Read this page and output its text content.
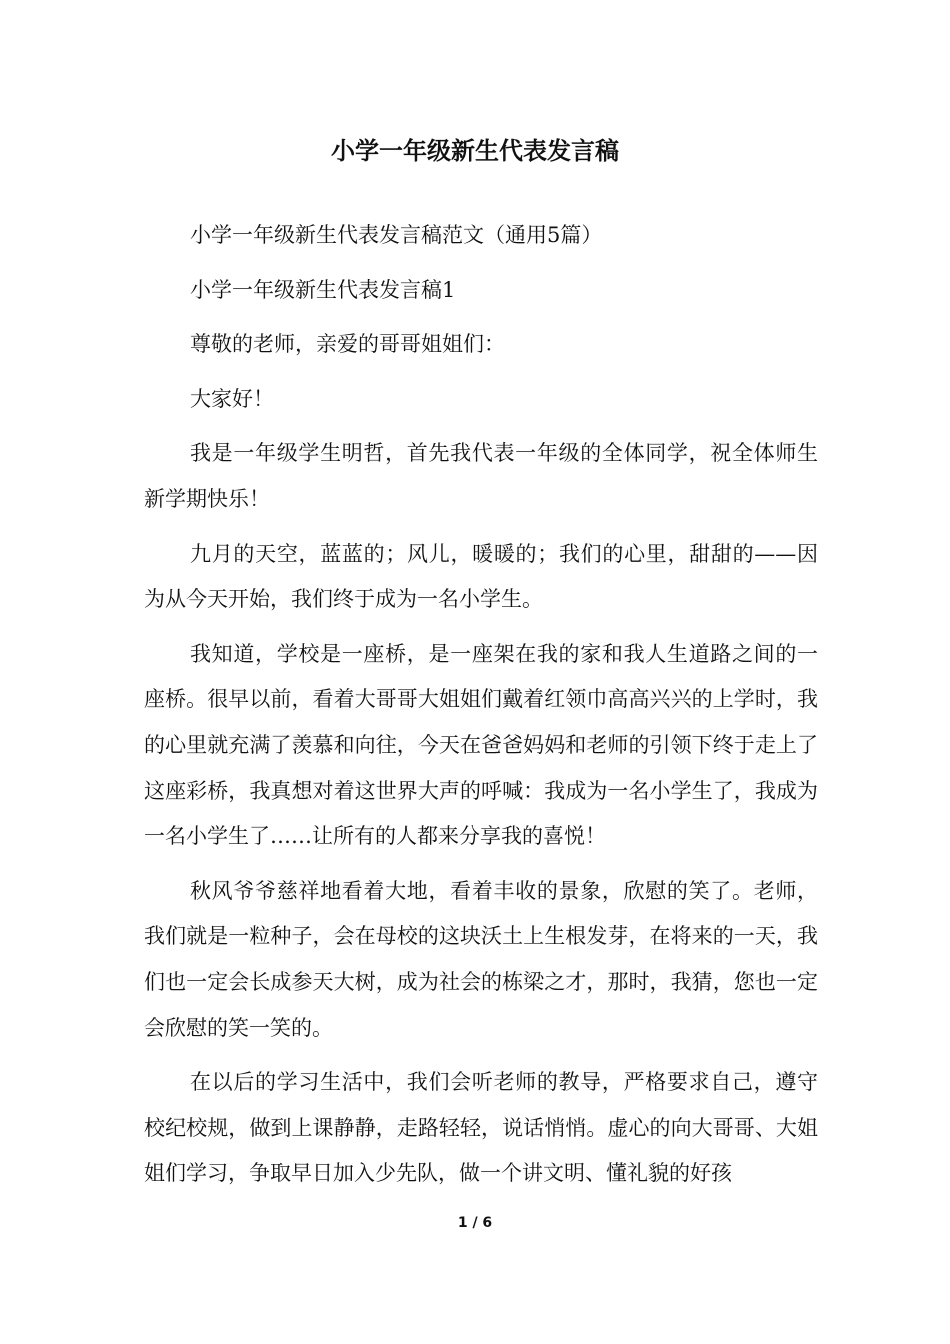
小学一年级新生代表发言稿

小学一年级新生代表发言稿范文（通用5篇）

小学一年级新生代表发言稿1

尊敬的老师，亲爱的哥哥姐姐们：

大家好！

我是一年级学生明哲，首先我代表一年级的全体同学，祝全体师生新学期快乐！

九月的天空，蓝蓝的；风儿，暖暖的；我们的心里，甜甜的——因为从今天开始，我们终于成为一名小学生。

我知道，学校是一座桥，是一座架在我的家和我人生道路之间的一座桥。很早以前，看着大哥哥大姐姐们戴着红领巾高高兴兴的上学时，我的心里就充满了羡慕和向往，今天在爸爸妈妈和老师的引领下终于走上了这座彩桥，我真想对着这世界大声的呼喊：我成为一名小学生了，我成为一名小学生了……让所有的人都来分享我的喜悦！

秋风爷爷慈祥地看着大地，看着丰收的景象，欣慰的笑了。老师，我们就是一粒种子，会在母校的这块沃土上生根发芽，在将来的一天，我们也一定会长成参天大树，成为社会的栋梁之才，那时，我猜，您也一定会欣慰的笑一笑的。

在以后的学习生活中，我们会听老师的教导，严格要求自己，遵守校纪校规，做到上课静静，走路轻轻，说话悄悄。虚心的向大哥哥、大姐姐们学习，争取早日加入少先队，做一个讲文明、懂礼貌的好孩

1 / 6
